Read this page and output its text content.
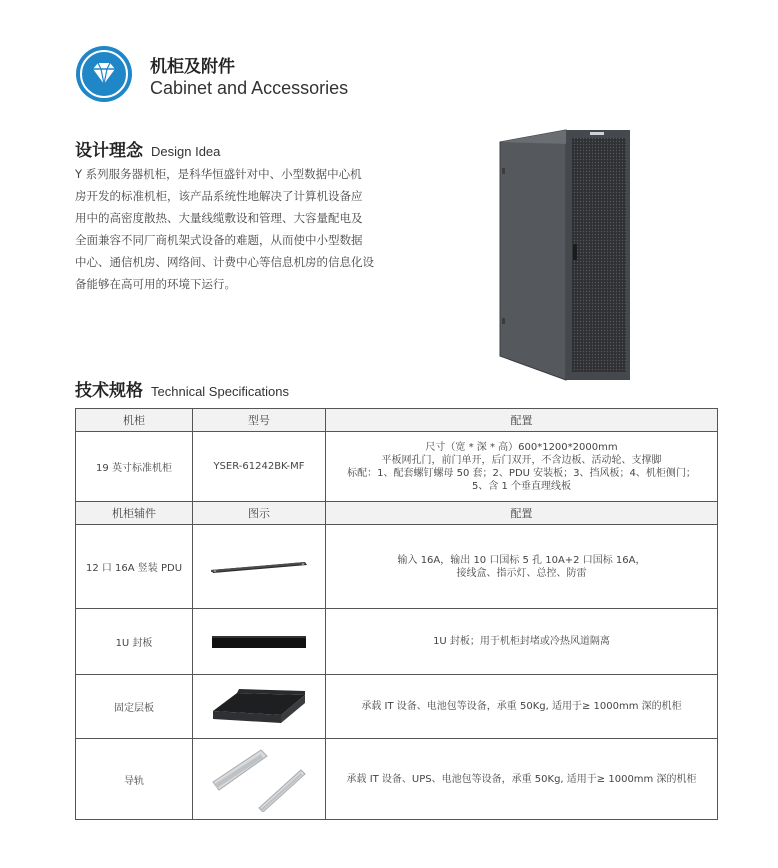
机柜及附件
Cabinet and Accessories
设计理念 Design Idea
Y 系列服务器机柜，是科华恒盛针对中、小型数据中心机
房开发的标准机柜，该产品系统性地解决了计算机设备应
用中的高密度散热、大量线缆敷设和管理、大容量配电及
全面兼容不同厂商机架式设备的难题，从而使中小型数据
中心、通信机房、网络间、计费中心等信息机房的信息化设
备能够在高可用的环境下运行。
技术规格 Technical Specifications
机柜	型号	配置
19 英寸标准机柜	YSER-61242BK-MF	尺寸（宽 * 深 * 高）600*1200*2000mm
平板网孔门，前门单开，后门双开，不含边板、活动轮、支撑脚
标配：1、配套螺钉螺母 50 套；2、PDU 安装板；3、挡风板；4、机柜侧门；
5、含 1 个垂直理线板

机柜辅件	图示	配置
12 口 16A 竖装 PDU		输入 16A，输出 10 口国标 5 孔 10A+2 口国标 16A，
接线盒、指示灯、总控、防雷

1U 封板		1U 封板；用于机柜封堵或冷热风道隔离

固定层板		承载 IT 设备、电池包等设备，承重 50Kg, 适用于≥ 1000mm 深的机柜

导轨		承载 IT 设备、UPS、电池包等设备，承重 50Kg, 适用于≥ 1000mm 深的机柜
